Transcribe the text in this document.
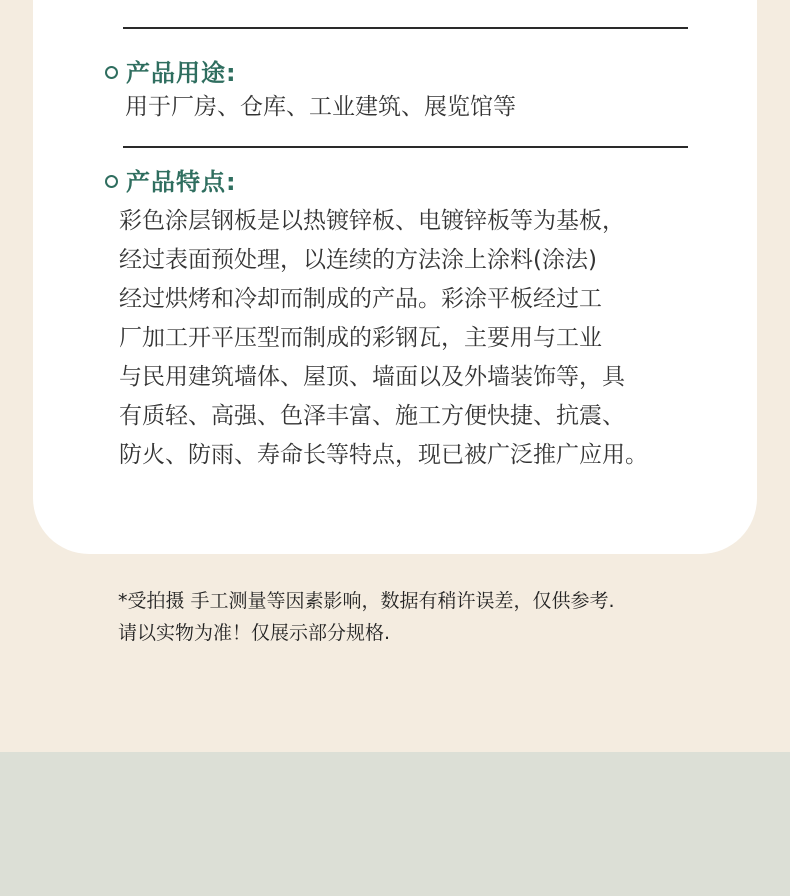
产品用途:
用于厂房、仓库、工业建筑、展览馆等
产品特点:
彩色涂层钢板是以热镀锌板、电镀锌板等为基板，
经过表面预处理，以连续的方法涂上涂料(涂法)
经过烘烤和冷却而制成的产品。彩涂平板经过工
厂加工开平压型而制成的彩钢瓦，主要用与工业
与民用建筑墙体、屋顶、墙面以及外墙装饰等，具
有质轻、高强、色泽丰富、施工方便快捷、抗震、
防火、防雨、寿命长等特点，现已被广泛推广应用。
*受拍摄 手工测量等因素影响，数据有稍许误差，仅供参考.
请以实物为准！仅展示部分规格.
